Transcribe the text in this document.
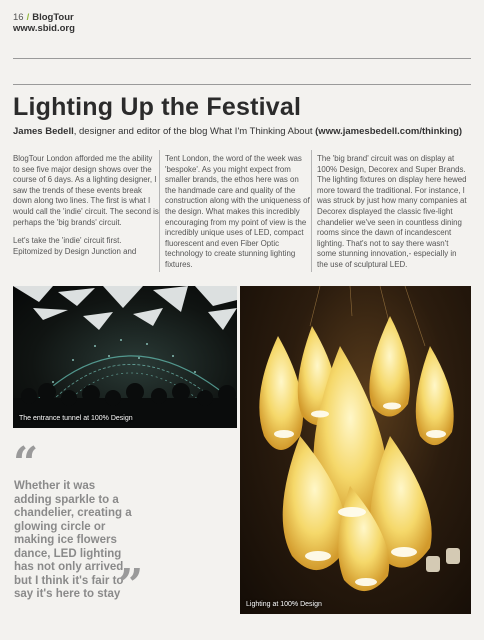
16 / BlogTour
www.sbid.org
Lighting Up the Festival
James Bedell, designer and editor of the blog What I'm Thinking About (www.jamesbedell.com/thinking)

BlogTour London afforded me the ability to see five major design shows over the course of 6 days. As a lighting designer, I saw the trends of these events break down along two lines. The first is what I would call the 'indie' circuit. The second is perhaps the 'big brands' circuit.

Let's take the 'indie' circuit first. Epitomized by Design Junction and

Tent London, the word of the week was 'bespoke'. As you might expect from smaller brands, the ethos here was on the handmade care and quality of the construction along with the uniqueness of the design. What makes this incredibly encouraging from my point of view is the incredibly unique uses of LED, compact fluorescent and even Fiber Optic technology to create stunning lighting fixtures.

The 'big brand' circuit was on display at 100% Design, Decorex and Super Brands. The lighting fixtures on display here hewed more toward the traditional. For instance, I was struck by just how many companies at Decorex displayed the classic five-light chandelier we've seen in countless dining rooms since the dawn of incandescent lighting. That's not to say there wasn't some stunning innovation,- especially in the use of sculptural LED.

The entrance tunnel at 100% Design
Lighting at 100% Design
“
Whether it was adding sparkle to a chandelier, creating a glowing circle or making ice flowers dance, LED lighting has not only arrived, but I think it's fair to say it's here to stay
”
